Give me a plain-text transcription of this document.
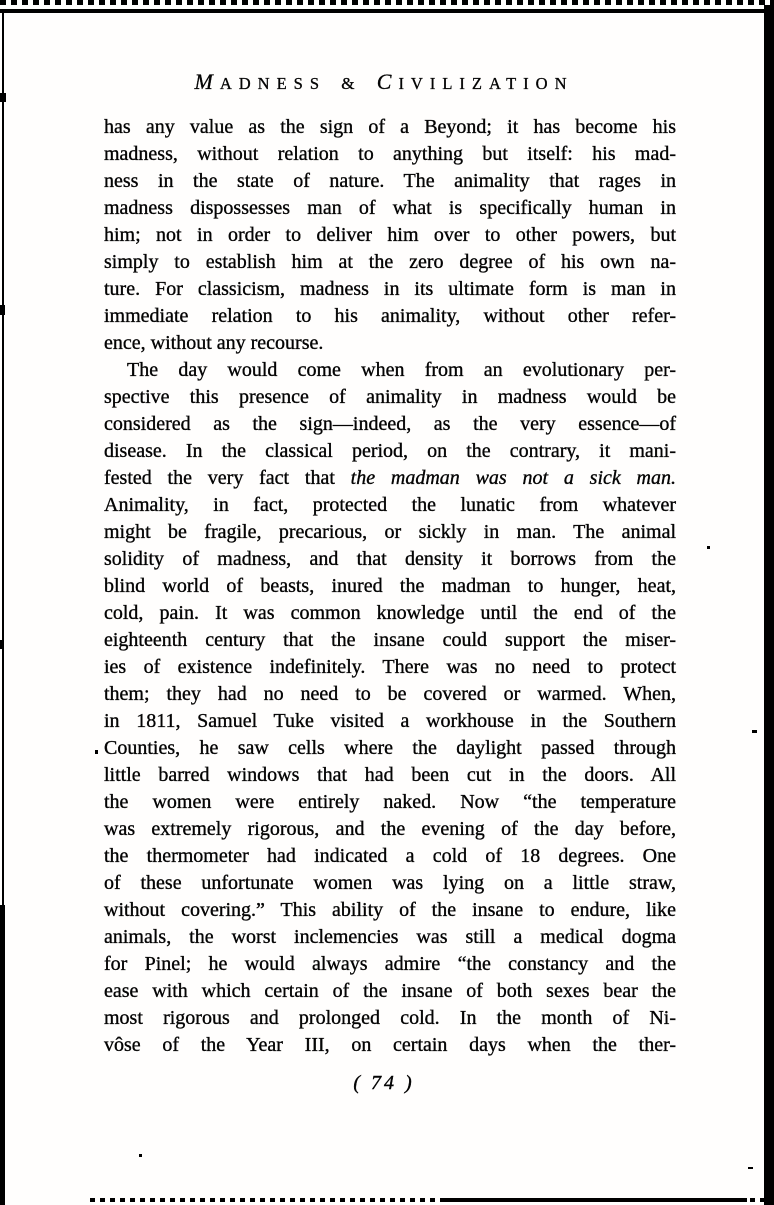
MADNESS & CIVILIZATION
has any value as the sign of a Beyond; it has become his
madness, without relation to anything but itself: his mad-
ness in the state of nature. The animality that rages in
madness dispossesses man of what is specifically human in
him; not in order to deliver him over to other powers, but
simply to establish him at the zero degree of his own na-
ture. For classicism, madness in its ultimate form is man in
immediate relation to his animality, without other refer-
ence, without any recourse.
The day would come when from an evolutionary per-
spective this presence of animality in madness would be
considered as the sign—indeed, as the very essence—of
disease. In the classical period, on the contrary, it mani-
fested the very fact that the madman was not a sick man.
Animality, in fact, protected the lunatic from whatever
might be fragile, precarious, or sickly in man. The animal
solidity of madness, and that density it borrows from the
blind world of beasts, inured the madman to hunger, heat,
cold, pain. It was common knowledge until the end of the
eighteenth century that the insane could support the miser-
ies of existence indefinitely. There was no need to protect
them; they had no need to be covered or warmed. When,
in 1811, Samuel Tuke visited a workhouse in the Southern
Counties, he saw cells where the daylight passed through
little barred windows that had been cut in the doors. All
the women were entirely naked. Now “the temperature
was extremely rigorous, and the evening of the day before,
the thermometer had indicated a cold of 18 degrees. One
of these unfortunate women was lying on a little straw,
without covering.” This ability of the insane to endure, like
animals, the worst inclemencies was still a medical dogma
for Pinel; he would always admire “the constancy and the
ease with which certain of the insane of both sexes bear the
most rigorous and prolonged cold. In the month of Ni-
vôse of the Year III, on certain days when the ther-
( 74 )
